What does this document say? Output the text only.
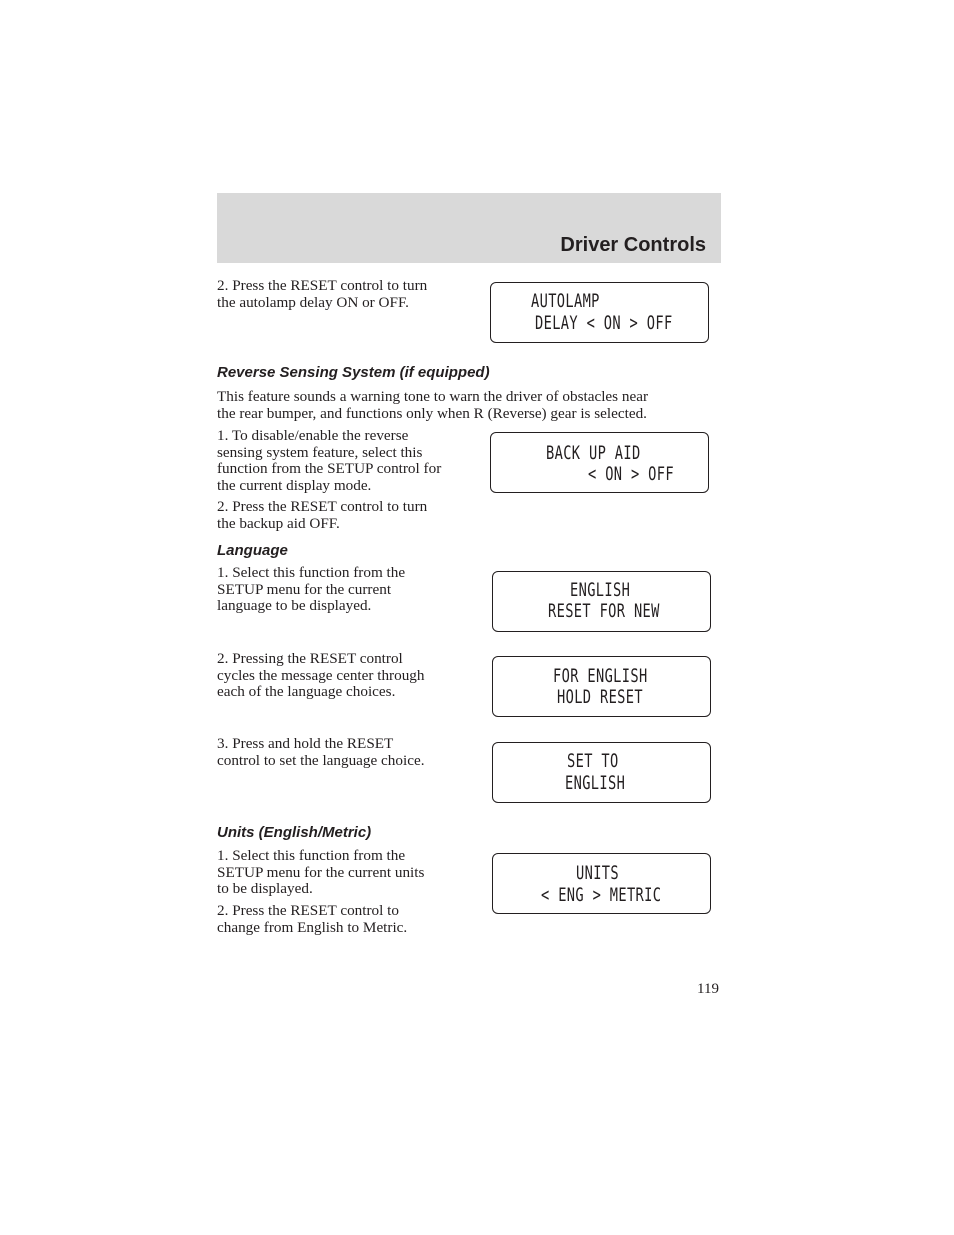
Driver Controls
2. Press the RESET control to turn
the autolamp delay ON or OFF.	AUTOLAMP
DELAY < ON > OFF
Reverse Sensing System (if equipped)
This feature sounds a warning tone to warn the driver of obstacles near
the rear bumper, and functions only when R (Reverse) gear is selected.
1. To disable/enable the reverse
sensing system feature, select this
function from the SETUP control for
the current display mode.
2. Press the RESET control to turn
the backup aid OFF.
BACK UP AID
< ON > OFF
Language
1. Select this function from the
SETUP menu for the current
language to be displayed.
ENGLISH
RESET FOR NEW
2. Pressing the RESET control
cycles the message center through
each of the language choices.
FOR ENGLISH
HOLD RESET
3. Press and hold the RESET
control to set the language choice.	SET TO
ENGLISH
Units (English/Metric)
1. Select this function from the
SETUP menu for the current units
to be displayed.
2. Press the RESET control to
change from English to Metric.
UNITS
< ENG > METRIC
119
